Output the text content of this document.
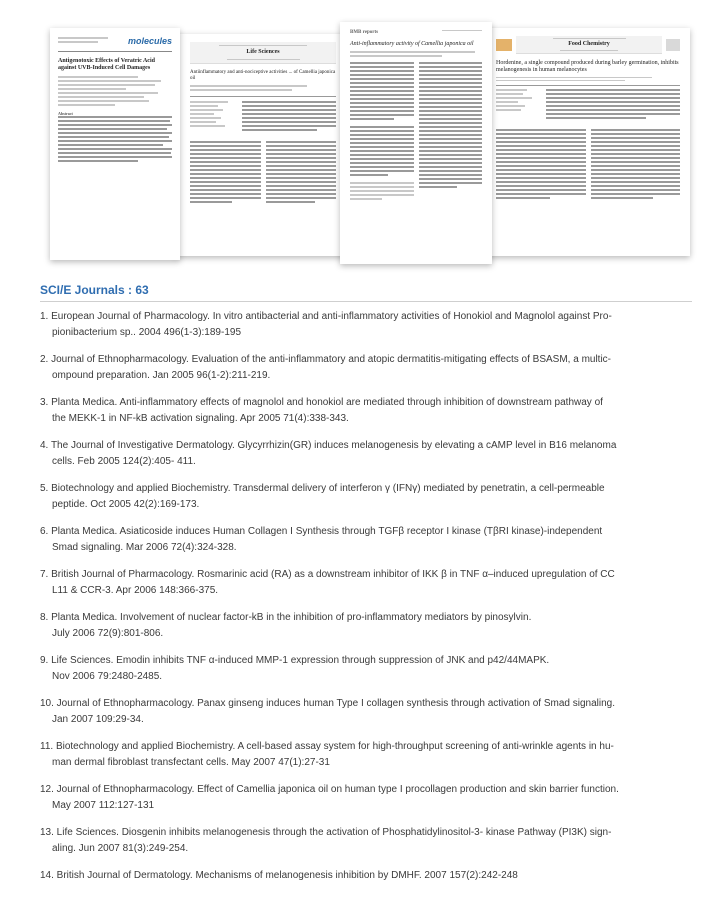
molecules
Antigenotoxic Effects of Veratric Acid against UVB-Induced Cell Damages
Abstract
Life Sciences
Antiinflammatory and anti-nociceptive activities ... of Camellia japonica oil
BMB reports
Anti-inflammatory activity of Camellia japonica oil	Food Chemistry
Hordenine, a single compound produced during barley germination, inhibits melanogenesis in human melanocytes
SCI/E Journals : 63
1. European Journal of Pharmacology. In vitro antibacterial and anti-inflammatory activities of Honokiol and Magnolol against Pro-
pionibacterium sp.. 2004 496(1-3):189-195
2. Journal of Ethnopharmacology. Evaluation of the anti-inflammatory and atopic dermatitis-mitigating effects of BSASM, a multic-
ompound preparation. Jan 2005 96(1-2):211-219.
3. Planta Medica. Anti-inflammatory effects of magnolol and honokiol are mediated through inhibition of downstream pathway of
the MEKK-1 in NF-kB activation signaling. Apr 2005 71(4):338-343.
4. The Journal of Investigative Dermatology. Glycyrrhizin(GR) induces melanogenesis by elevating a cAMP level in B16 melanoma
cells. Feb 2005 124(2):405- 411.
5. Biotechnology and applied Biochemistry. Transdermal delivery of interferon γ (IFNγ) mediated by penetratin, a cell-permeable
peptide. Oct 2005 42(2):169-173.
6. Planta Medica. Asiaticoside induces Human Collagen I Synthesis through TGFβ receptor I kinase (TβRI kinase)-independent
Smad signaling. Mar 2006 72(4):324-328.
7. British Journal of Pharmacology. Rosmarinic acid (RA) as a downstream inhibitor of IKK β in TNF α–induced upregulation of CC
L11 & CCR-3. Apr 2006 148:366-375.
8. Planta Medica. Involvement of nuclear factor-kB in the inhibition of pro-inflammatory mediators by pinosylvin.
July 2006 72(9):801-806.
9. Life Sciences. Emodin inhibits TNF α-induced MMP-1 expression through suppression of JNK and p42/44MAPK.
Nov 2006 79:2480-2485.
10. Journal of Ethnopharmacology. Panax ginseng induces human Type I collagen synthesis through activation of Smad signaling.
Jan 2007 109:29-34.
11. Biotechnology and applied Biochemistry. A cell-based assay system for high-throughput screening of anti-wrinkle agents in hu-
man dermal fibroblast transfectant cells. May 2007 47(1):27-31
12. Journal of Ethnopharmacology. Effect of Camellia japonica oil on human type I procollagen production and skin barrier function.
May 2007 112:127-131
13. Life Sciences. Diosgenin inhibits melanogenesis through the activation of Phosphatidylinositol-3- kinase Pathway (PI3K) sign-
aling. Jun 2007 81(3):249-254.
14. British Journal of Dermatology. Mechanisms of melanogenesis inhibition by DMHF. 2007 157(2):242-248
